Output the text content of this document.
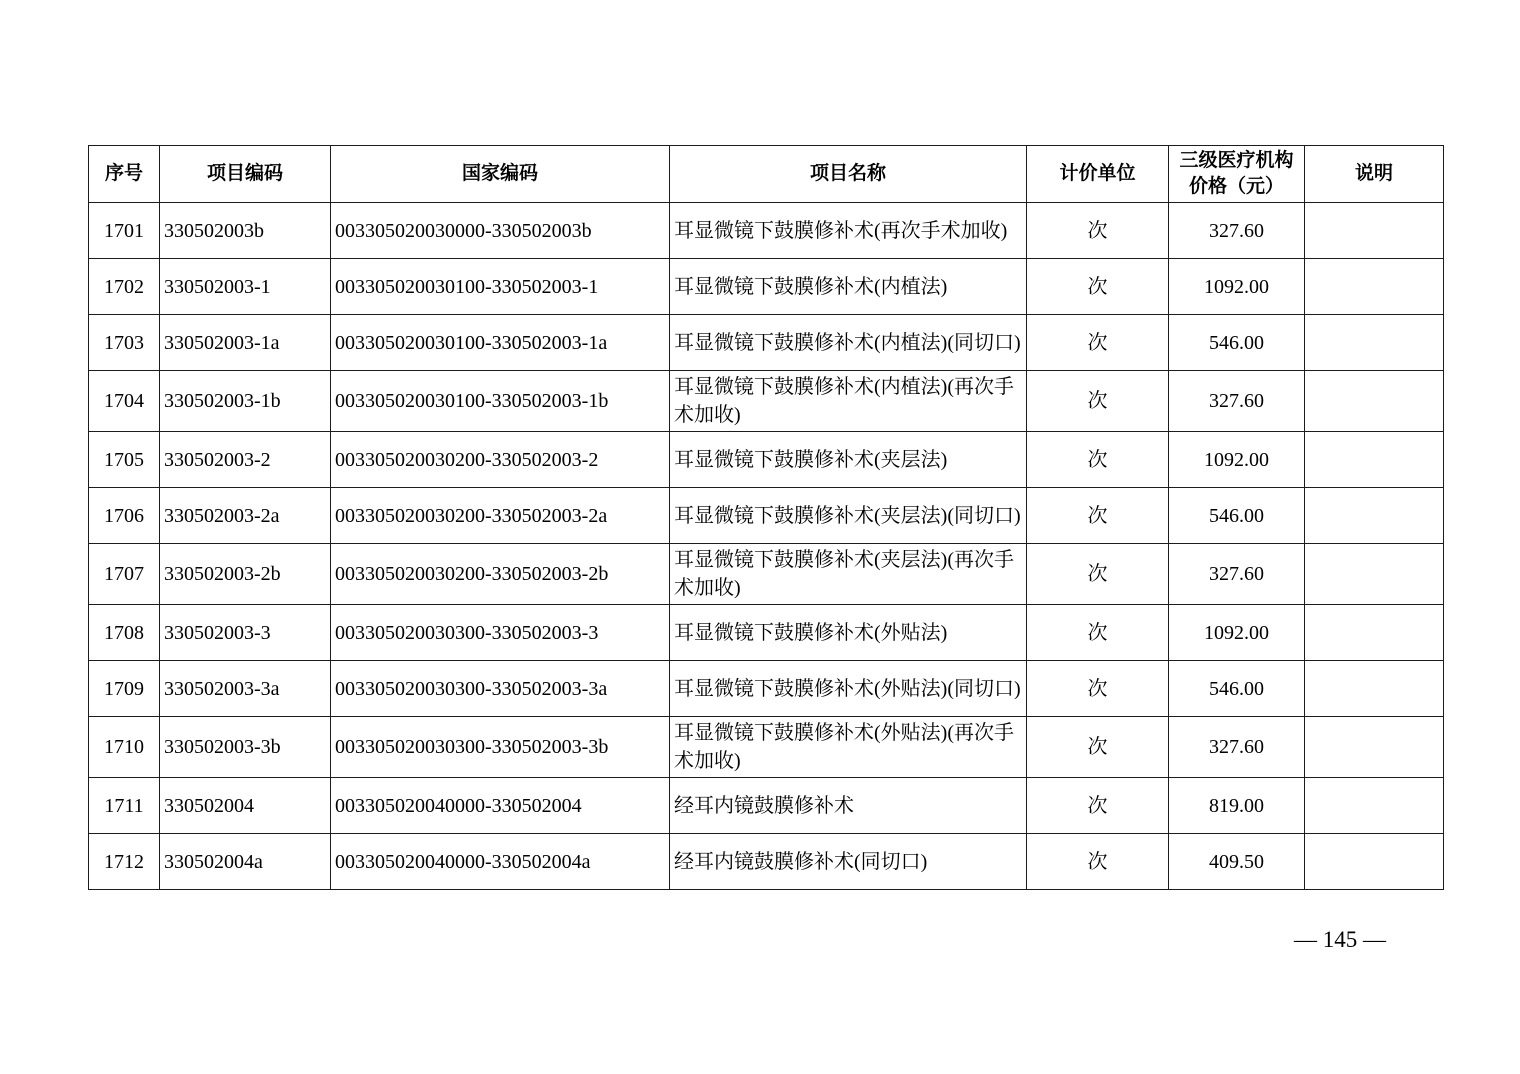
序号	项目编码	国家编码	项目名称	计价单位	三级医疗机构价格（元）	说明
1701	330502003b	003305020030000-330502003b	耳显微镜下鼓膜修补术(再次手术加收)	次	327.60	
1702	330502003-1	003305020030100-330502003-1	耳显微镜下鼓膜修补术(内植法)	次	1092.00	
1703	330502003-1a	003305020030100-330502003-1a	耳显微镜下鼓膜修补术(内植法)(同切口)	次	546.00	
1704	330502003-1b	003305020030100-330502003-1b	耳显微镜下鼓膜修补术(内植法)(再次手术加收)	次	327.60	
1705	330502003-2	003305020030200-330502003-2	耳显微镜下鼓膜修补术(夹层法)	次	1092.00	
1706	330502003-2a	003305020030200-330502003-2a	耳显微镜下鼓膜修补术(夹层法)(同切口)	次	546.00	
1707	330502003-2b	003305020030200-330502003-2b	耳显微镜下鼓膜修补术(夹层法)(再次手术加收)	次	327.60	
1708	330502003-3	003305020030300-330502003-3	耳显微镜下鼓膜修补术(外贴法)	次	1092.00	
1709	330502003-3a	003305020030300-330502003-3a	耳显微镜下鼓膜修补术(外贴法)(同切口)	次	546.00	
1710	330502003-3b	003305020030300-330502003-3b	耳显微镜下鼓膜修补术(外贴法)(再次手术加收)	次	327.60	
1711	330502004	003305020040000-330502004	经耳内镜鼓膜修补术	次	819.00	
1712	330502004a	003305020040000-330502004a	经耳内镜鼓膜修补术(同切口)	次	409.50	
— 145 —
